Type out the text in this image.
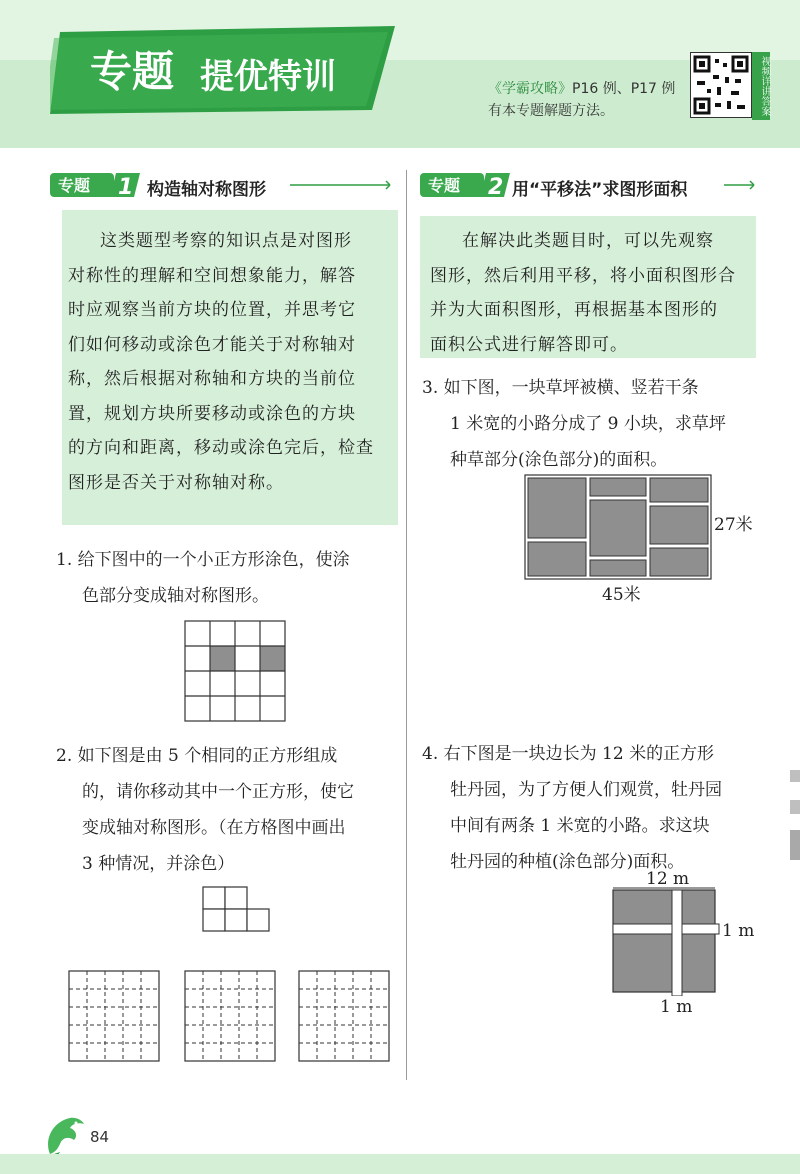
专题 提优特训	《学霸攻略》P16 例、P17 例
有本专题解题方法。	视频详讲答案
专题 1 构造轴对称图形
这类题型考察的知识点是对图形
对称性的理解和空间想象能力，解答
时应观察当前方块的位置，并思考它
们如何移动或涂色才能关于对称轴对
称，然后根据对称轴和方块的当前位
置，规划方块所要移动或涂色的方块
的方向和距离，移动或涂色完后，检查
图形是否关于对称轴对称。
1. 给下图中的一个小正方形涂色，使涂
色部分变成轴对称图形。
2. 如下图是由 5 个相同的正方形组成
的，请你移动其中一个正方形，使它
变成轴对称图形。（在方格图中画出
3 种情况，并涂色）
专题 2 用“平移法”求图形面积
在解决此类题目时，可以先观察
图形，然后利用平移，将小面积图形合
并为大面积图形，再根据基本图形的
面积公式进行解答即可。
3. 如下图，一块草坪被横、竖若干条
1 米宽的小路分成了 9 小块，求草坪
种草部分(涂色部分)的面积。
27米
45米
4. 右下图是一块边长为 12 米的正方形
牡丹园，为了方便人们观赏，牡丹园
中间有两条 1 米宽的小路。求这块
牡丹园的种植(涂色部分)面积。
12 m
1 m
1 m
84
